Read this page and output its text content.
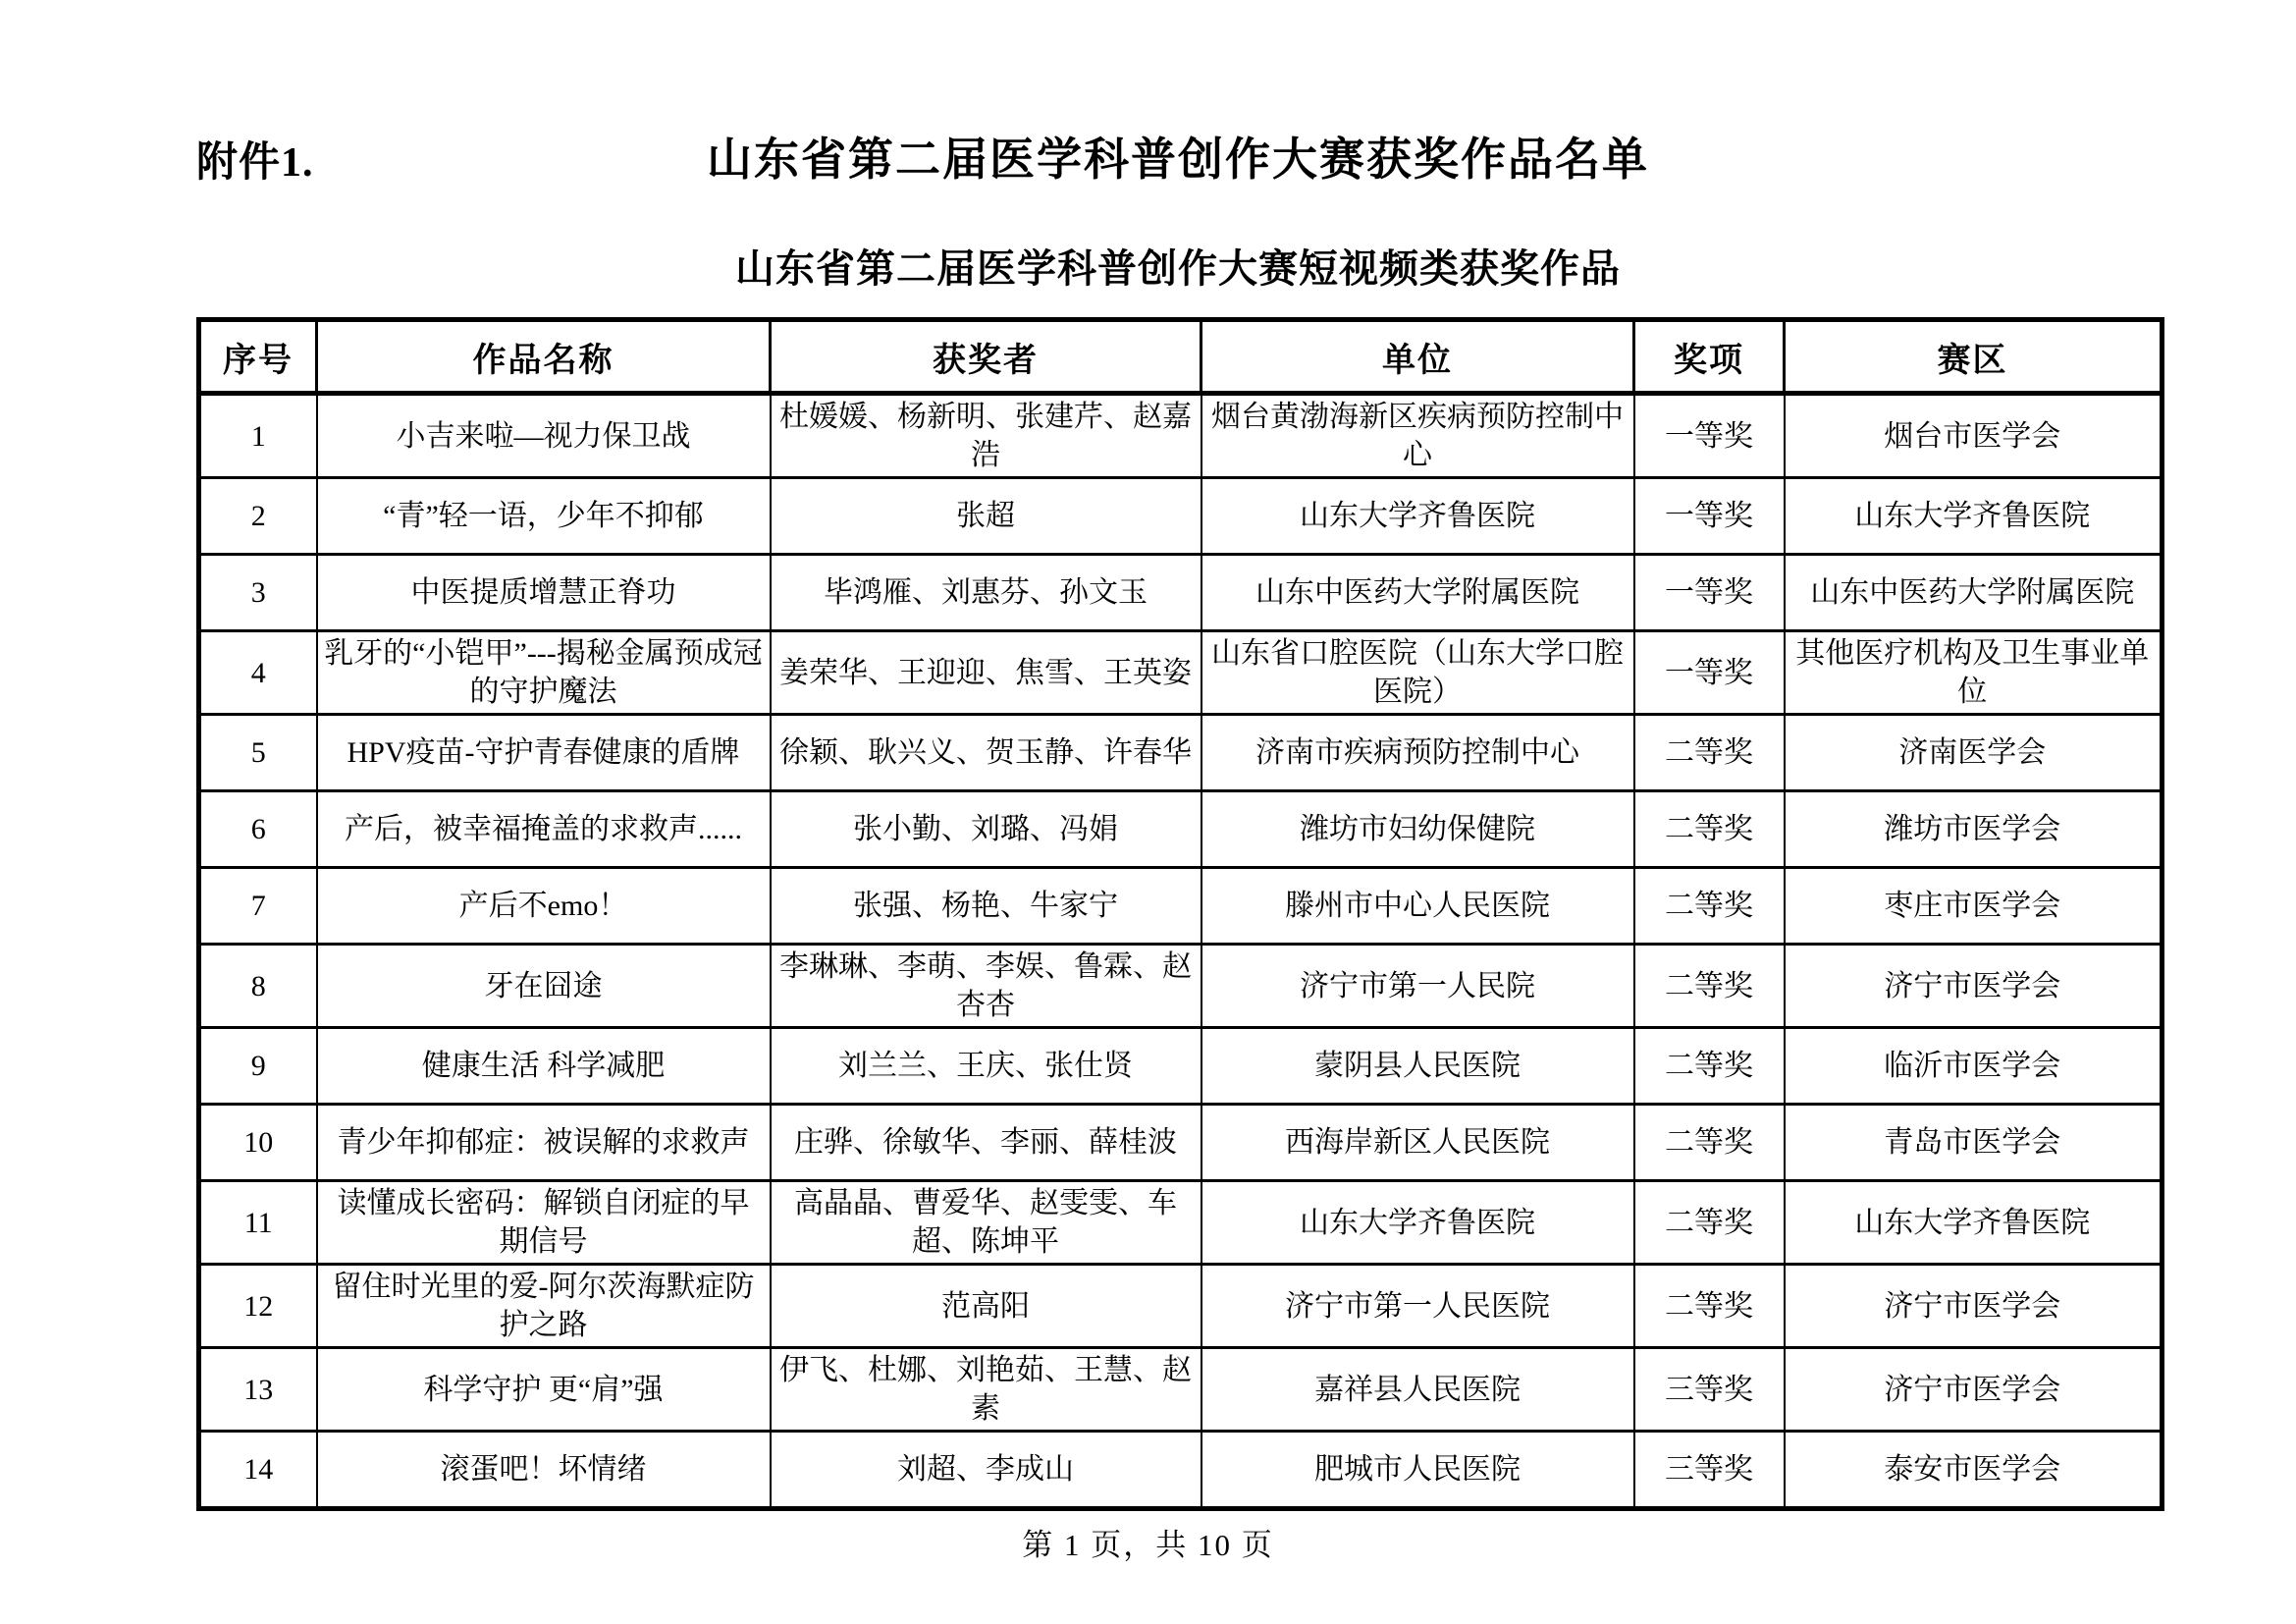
附件1.	山东省第二届医学科普创作大赛获奖作品名单
山东省第二届医学科普创作大赛短视频类获奖作品
序号	作品名称	获奖者	单位	奖项	赛区
1	小吉来啦—视力保卫战	杜媛媛、杨新明、张建芹、赵嘉浩	烟台黄渤海新区疾病预防控制中心	一等奖	烟台市医学会
2	“青”轻一语，少年不抑郁	张超	山东大学齐鲁医院	一等奖	山东大学齐鲁医院
3	中医提质增慧正脊功	毕鸿雁、刘惠芬、孙文玉	山东中医药大学附属医院	一等奖	山东中医药大学附属医院
4	乳牙的“小铠甲”---揭秘金属预成冠的守护魔法	姜荣华、王迎迎、焦雪、王英姿	山东省口腔医院（山东大学口腔医院）	一等奖	其他医疗机构及卫生事业单位
5	HPV疫苗-守护青春健康的盾牌	徐颖、耿兴义、贺玉静、许春华	济南市疾病预防控制中心	二等奖	济南医学会
6	产后，被幸福掩盖的求救声......	张小勤、刘璐、冯娟	潍坊市妇幼保健院	二等奖	潍坊市医学会
7	产后不emo！	张强、杨艳、牛家宁	滕州市中心人民医院	二等奖	枣庄市医学会
8	牙在囧途	李琳琳、李萌、李娱、鲁霖、赵杏杏	济宁市第一人民院	二等奖	济宁市医学会
9	健康生活 科学减肥	刘兰兰、王庆、张仕贤	蒙阴县人民医院	二等奖	临沂市医学会
10	青少年抑郁症：被误解的求救声	庄骅、徐敏华、李丽、薛桂波	西海岸新区人民医院	二等奖	青岛市医学会
11	读懂成长密码：解锁自闭症的早期信号	高晶晶、曹爱华、赵雯雯、车超、陈坤平	山东大学齐鲁医院	二等奖	山东大学齐鲁医院
12	留住时光里的爱-阿尔茨海默症防护之路	范高阳	济宁市第一人民医院	二等奖	济宁市医学会
13	科学守护 更“肩”强	伊飞、杜娜、刘艳茹、王慧、赵素	嘉祥县人民医院	三等奖	济宁市医学会
14	滚蛋吧！坏情绪	刘超、李成山	肥城市人民医院	三等奖	泰安市医学会
第 1 页，共 10 页
